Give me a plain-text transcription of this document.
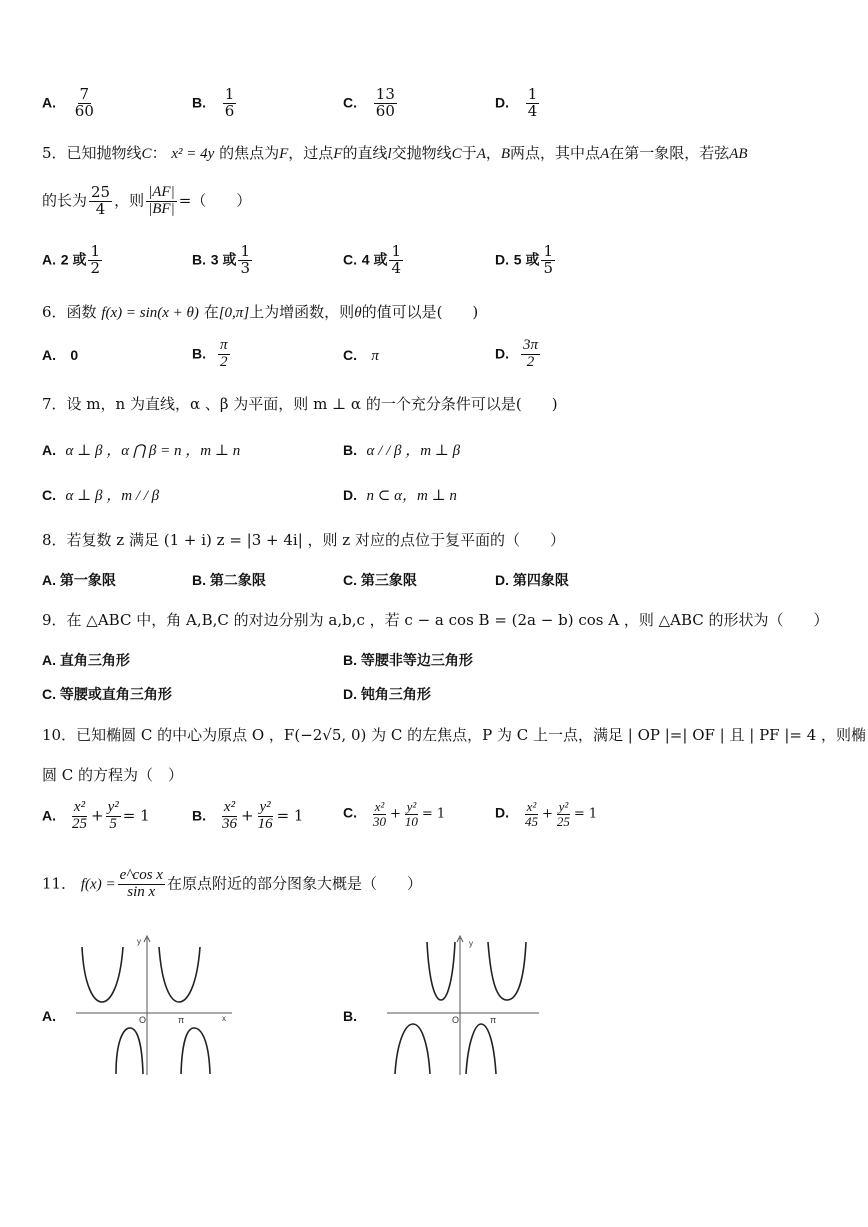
A. $\frac{7}{60}$	B. $\frac{1}{6}$	C. $\frac{13}{60}$	D. $\frac{1}{4}$
5．已知抛物线C： x² = 4y 的焦点为F，过点F的直线l交抛物线C于A，B两点，其中点A在第一象限，若弦AB
的长为 $\frac{25}{4}$ ，则 $\frac{|AF|}{|BF|}$ =（　　）
A. 2 或 $\frac{1}{2}$	B. 3 或 $\frac{1}{3}$	C. 4 或 $\frac{1}{4}$	D. 5 或 $\frac{1}{5}$
6．函数 f(x) = sin(x + θ) 在[0,π]上为增函数，则θ的值可以是(　　)
A. 0	B. $\frac{\pi}{2}$	C. π	D. $\frac{3\pi}{2}$
7．设 m，n 为直线，α 、β 为平面，则 m ⊥ α 的一个充分条件可以是(　　)
A. α ⊥ β ，α ⋂ β = n ，m ⊥ n	B. α / / β ，m ⊥ β
C. α ⊥ β ，m / / β	D. n ⊂ α，m ⊥ n
8．若复数 z 满足 (1 + i) z = |3 + 4i| ，则 z 对应的点位于复平面的（　　）
A. 第一象限	B. 第二象限	C. 第三象限	D. 第四象限
9．在 △ABC 中，角 A,B,C 的对边分别为 a,b,c ，若 c − a cos B = (2a − b) cos A ，则 △ABC 的形状为（　　）
A. 直角三角形	B. 等腰非等边三角形
C. 等腰或直角三角形	D. 钝角三角形
10．已知椭圆 C 的中心为原点 O ，F(−2√5, 0) 为 C 的左焦点，P 为 C 上一点，满足 | OP |=| OF | 且 | PF |= 4 ，则椭
圆 C 的方程为（　）
A. $\frac{\text{x²}}{25} + \frac{\text{y²}}{5} = 1$	B. $\frac{\text{x²}}{36} + \frac{\text{y²}}{16} = 1$	C. $\frac{\text{x²}}{30} + \frac{\text{y²}}{10} = 1$	D. $\frac{\text{x²}}{45} + \frac{\text{y²}}{25} = 1$
11． $f(x) = \frac{\text{e\textasciicircum{}cos x}}{\text{sin x}}$ 在原点附近的部分图象大概是（　　）
A.
y
x
O	π	B.
y
O	π
